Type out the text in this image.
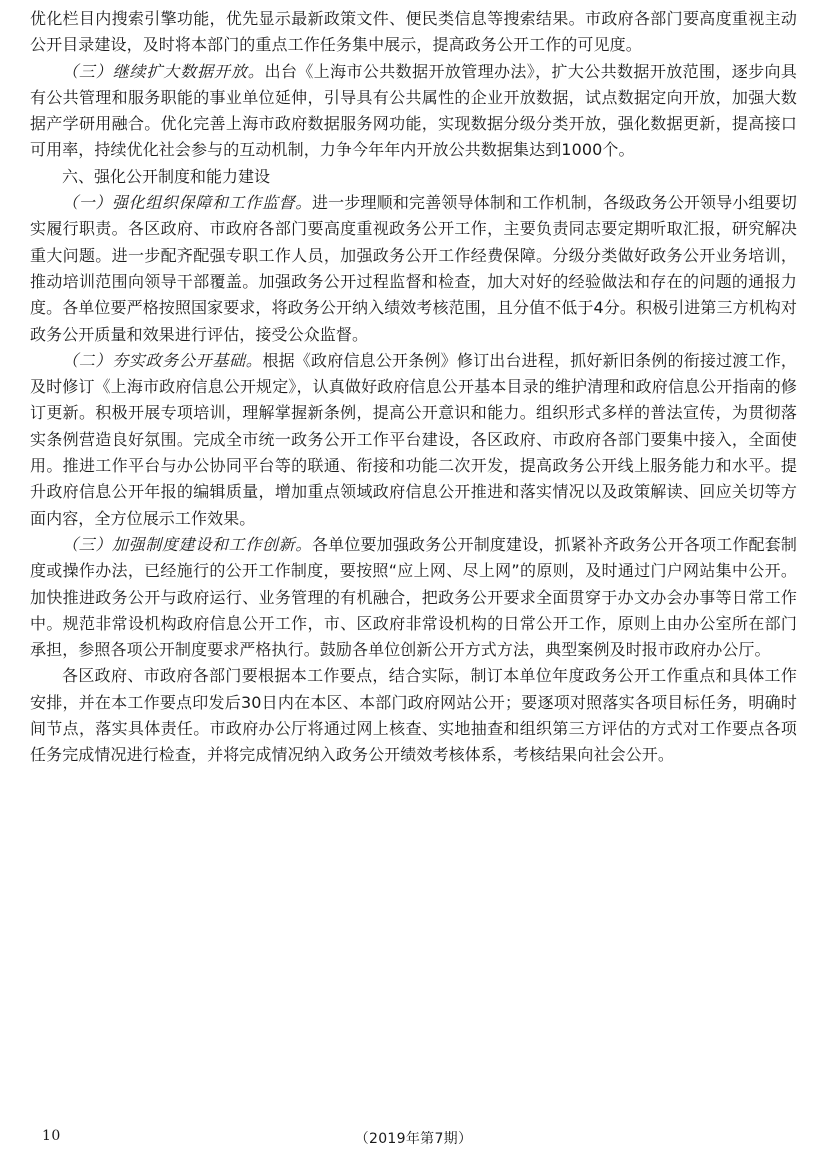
优化栏目内搜索引擎功能，优先显示最新政策文件、便民类信息等搜索结果。市政府各部门要高度重视主动公开目录建设，及时将本部门的重点工作任务集中展示，提高政务公开工作的可见度。

（三）继续扩大数据开放。出台《上海市公共数据开放管理办法》，扩大公共数据开放范围，逐步向具有公共管理和服务职能的事业单位延伸，引导具有公共属性的企业开放数据，试点数据定向开放，加强大数据产学研用融合。优化完善上海市政府数据服务网功能，实现数据分级分类开放，强化数据更新，提高接口可用率，持续优化社会参与的互动机制，力争今年年内开放公共数据集达到1000个。

六、强化公开制度和能力建设

（一）强化组织保障和工作监督。进一步理顺和完善领导体制和工作机制，各级政务公开领导小组要切实履行职责。各区政府、市政府各部门要高度重视政务公开工作，主要负责同志要定期听取汇报，研究解决重大问题。进一步配齐配强专职工作人员，加强政务公开工作经费保障。分级分类做好政务公开业务培训，推动培训范围向领导干部覆盖。加强政务公开过程监督和检查，加大对好的经验做法和存在的问题的通报力度。各单位要严格按照国家要求，将政务公开纳入绩效考核范围，且分值不低于4分。积极引进第三方机构对政务公开质量和效果进行评估，接受公众监督。

（二）夯实政务公开基础。根据《政府信息公开条例》修订出台进程，抓好新旧条例的衔接过渡工作，及时修订《上海市政府信息公开规定》，认真做好政府信息公开基本目录的维护清理和政府信息公开指南的修订更新。积极开展专项培训，理解掌握新条例，提高公开意识和能力。组织形式多样的普法宣传，为贯彻落实条例营造良好氛围。完成全市统一政务公开工作平台建设，各区政府、市政府各部门要集中接入，全面使用。推进工作平台与办公协同平台等的联通、衔接和功能二次开发，提高政务公开线上服务能力和水平。提升政府信息公开年报的编辑质量，增加重点领域政府信息公开推进和落实情况以及政策解读、回应关切等方面内容，全方位展示工作效果。

（三）加强制度建设和工作创新。各单位要加强政务公开制度建设，抓紧补齐政务公开各项工作配套制度或操作办法，已经施行的公开工作制度，要按照“应上网、尽上网”的原则，及时通过门户网站集中公开。加快推进政务公开与政府运行、业务管理的有机融合，把政务公开要求全面贯穿于办文办会办事等日常工作中。规范非常设机构政府信息公开工作，市、区政府非常设机构的日常公开工作，原则上由办公室所在部门承担，参照各项公开制度要求严格执行。鼓励各单位创新公开方式方法，典型案例及时报市政府办公厅。

各区政府、市政府各部门要根据本工作要点，结合实际，制订本单位年度政务公开工作重点和具体工作安排，并在本工作要点印发后30日内在本区、本部门政府网站公开；要逐项对照落实各项目标任务，明确时间节点，落实具体责任。市政府办公厅将通过网上核查、实地抽查和组织第三方评估的方式对工作要点各项任务完成情况进行检查，并将完成情况纳入政务公开绩效考核体系，考核结果向社会公开。

10	（2019年第7期）
